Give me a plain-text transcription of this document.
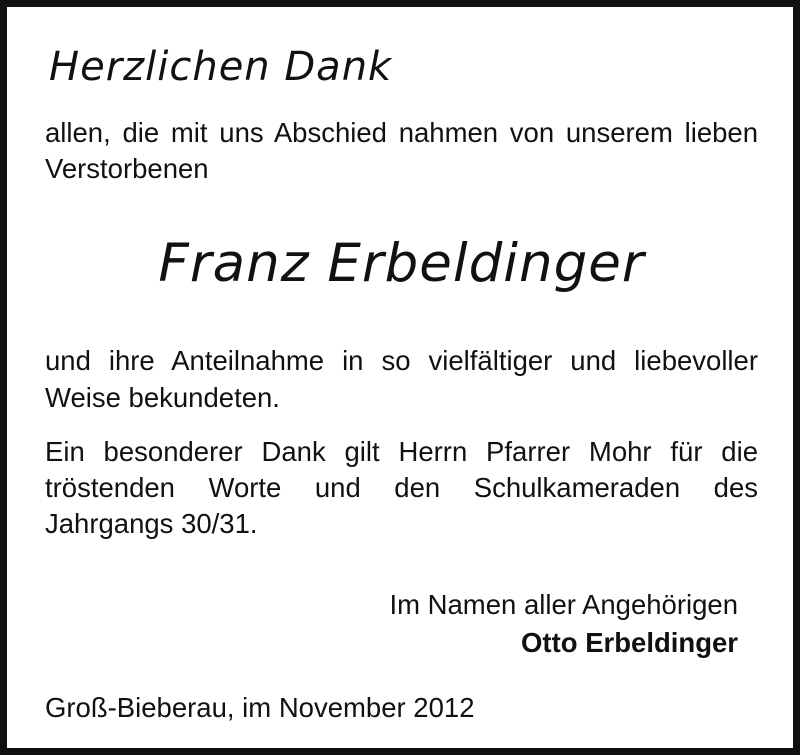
Herzlichen Dank

allen, die mit uns Abschied nahmen von unserem lieben Verstorbenen

Franz Erbeldinger

und ihre Anteilnahme in so vielfältiger und liebevoller Weise bekundeten.

Ein besonderer Dank gilt Herrn Pfarrer Mohr für die tröstenden Worte und den Schulkameraden des Jahrgangs 30/31.

Im Namen aller Angehörigen
Otto Erbeldinger
Groß-Bieberau, im November 2012
